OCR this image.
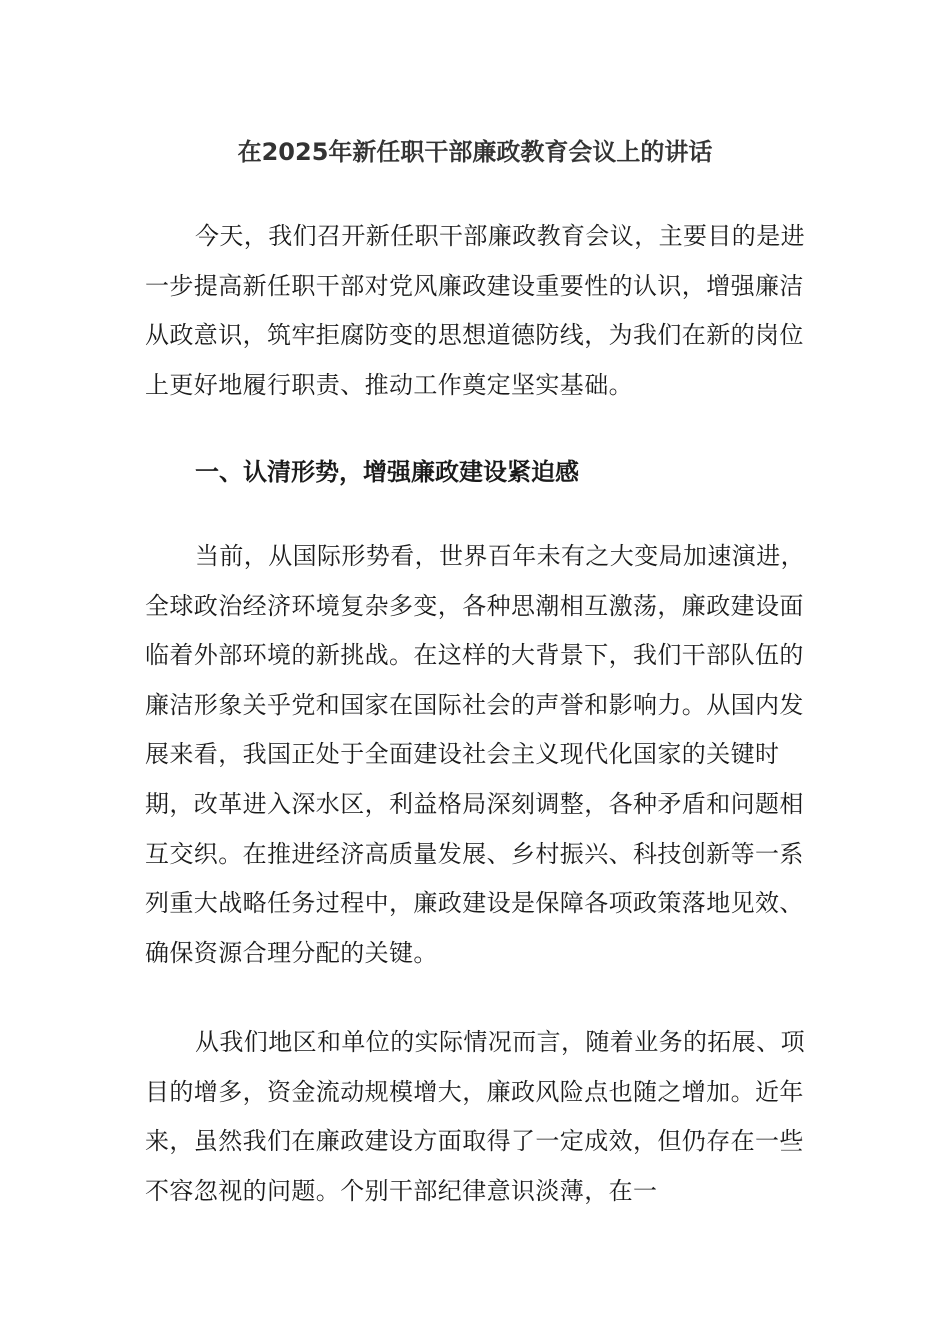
在2025年新任职干部廉政教育会议上的讲话

今天，我们召开新任职干部廉政教育会议，主要目的是进一步提高新任职干部对党风廉政建设重要性的认识，增强廉洁从政意识，筑牢拒腐防变的思想道德防线，为我们在新的岗位上更好地履行职责、推动工作奠定坚实基础。

一、认清形势，增强廉政建设紧迫感

当前，从国际形势看，世界百年未有之大变局加速演进，全球政治经济环境复杂多变，各种思潮相互激荡，廉政建设面临着外部环境的新挑战。在这样的大背景下，我们干部队伍的廉洁形象关乎党和国家在国际社会的声誉和影响力。从国内发展来看，我国正处于全面建设社会主义现代化国家的关键时期，改革进入深水区，利益格局深刻调整，各种矛盾和问题相互交织。在推进经济高质量发展、乡村振兴、科技创新等一系列重大战略任务过程中，廉政建设是保障各项政策落地见效、确保资源合理分配的关键。

从我们地区和单位的实际情况而言，随着业务的拓展、项目的增多，资金流动规模增大，廉政风险点也随之增加。近年来，虽然我们在廉政建设方面取得了一定成效，但仍存在一些不容忽视的问题。个别干部纪律意识淡薄，在一
